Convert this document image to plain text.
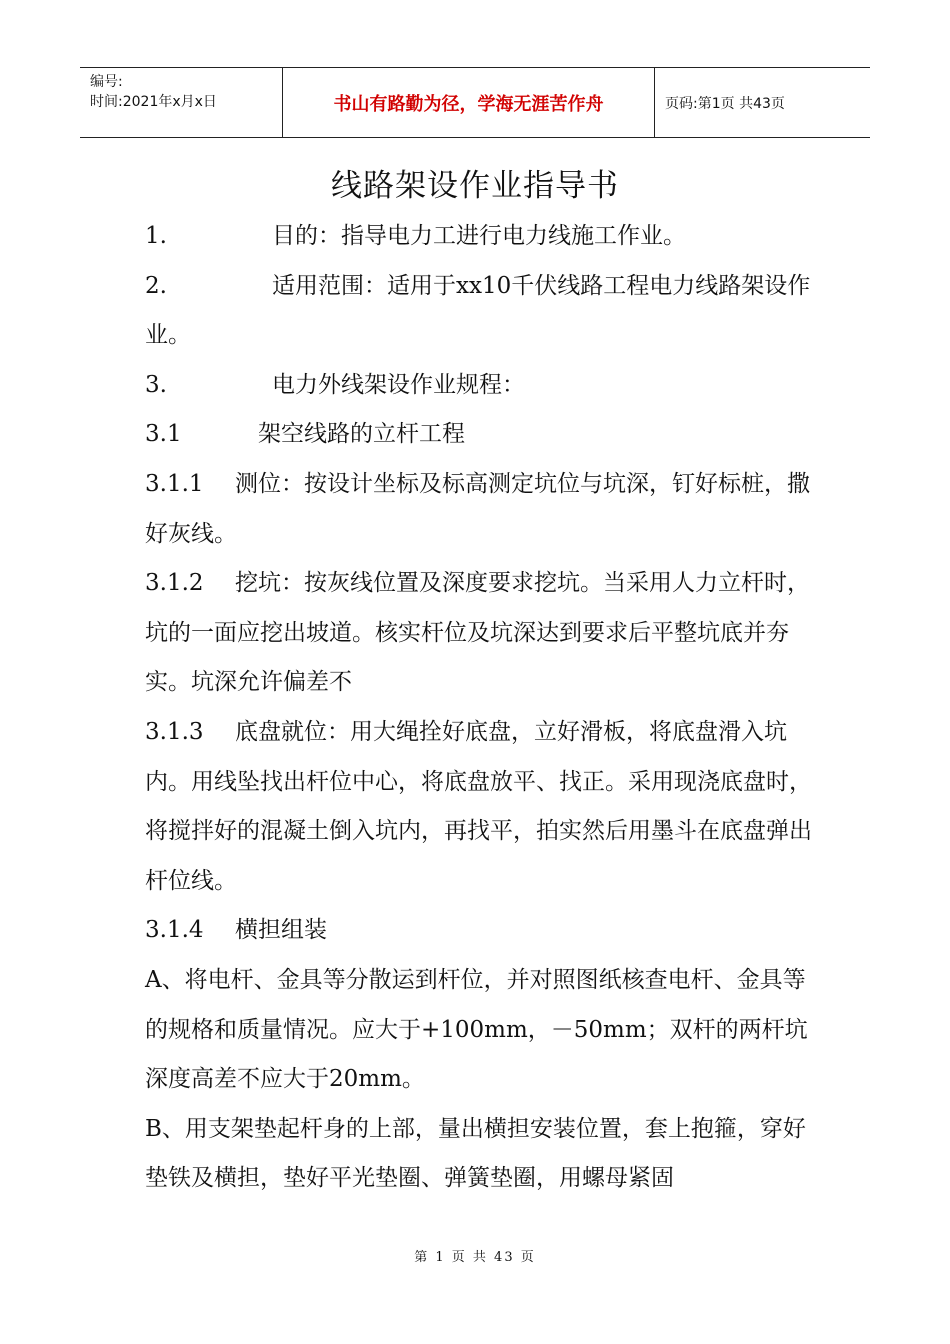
编号:
时间:2021年x月x日	书山有路勤为径，学海无涯苦作舟	页码:第1页 共43页
线路架设作业指导书

1.	目的：指导电力工进行电力线施工作业。

2.	适用范围：适用于xx10千伏线路工程电力线路架设作业。

3.	电力外线架设作业规程：

3.1	架空线路的立杆工程

3.1.1 测位：按设计坐标及标高测定坑位与坑深，钉好标桩，撒好灰线。

3.1.2 挖坑：按灰线位置及深度要求挖坑。当采用人力立杆时，坑的一面应挖出坡道。核实杆位及坑深达到要求后平整坑底并夯实。坑深允许偏差不

3.1.3 底盘就位：用大绳拴好底盘，立好滑板，将底盘滑入坑内。用线坠找出杆位中心，将底盘放平、找正。采用现浇底盘时，将搅拌好的混凝土倒入坑内，再找平，拍实然后用墨斗在底盘弹出杆位线。

3.1.4 横担组装

A、将电杆、金具等分散运到杆位，并对照图纸核查电杆、金具等的规格和质量情况。应大于+100mm，－50mm；双杆的两杆坑深度高差不应大于20mm。

B、用支架垫起杆身的上部，量出横担安装位置，套上抱箍，穿好垫铁及横担，垫好平光垫圈、弹簧垫圈，用螺母紧固

第 1 页 共 43 页
